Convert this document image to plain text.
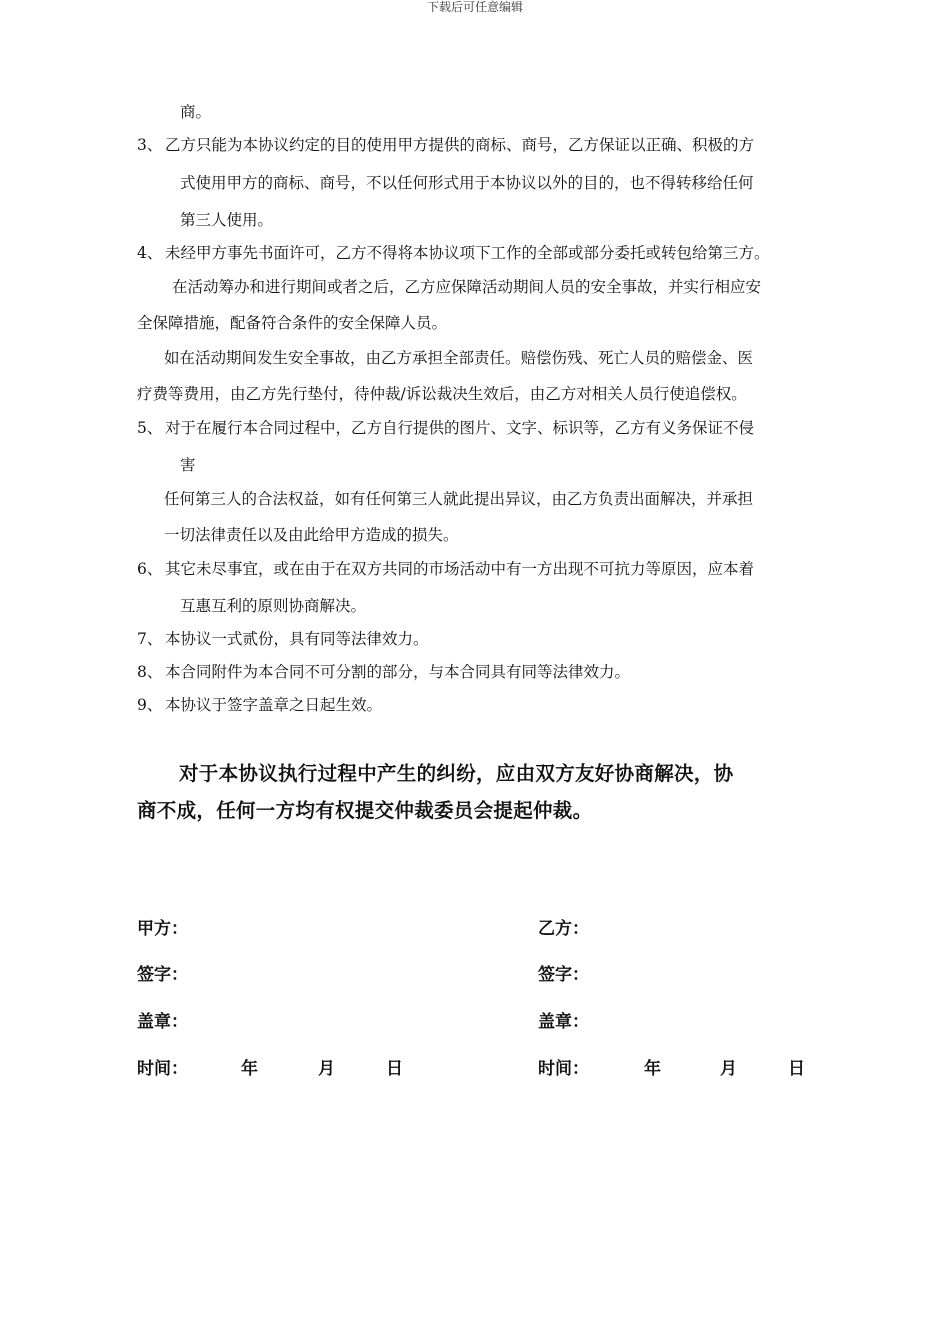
下载后可任意编辑
商。
3、 乙方只能为本协议约定的目的使用甲方提供的商标、商号，乙方保证以正确、积极的方
式使用甲方的商标、商号，不以任何形式用于本协议以外的目的，也不得转移给任何
第三人使用。
4、 未经甲方事先书面许可，乙方不得将本协议项下工作的全部或部分委托或转包给第三方。
在活动筹办和进行期间或者之后，乙方应保障活动期间人员的安全事故，并实行相应安
全保障措施，配备符合条件的安全保障人员。
如在活动期间发生安全事故，由乙方承担全部责任。赔偿伤残、死亡人员的赔偿金、医
疗费等费用，由乙方先行垫付，待仲裁/诉讼裁决生效后，由乙方对相关人员行使追偿权。
5、 对于在履行本合同过程中，乙方自行提供的图片、文字、标识等，乙方有义务保证不侵
害
任何第三人的合法权益，如有任何第三人就此提出异议，由乙方负责出面解决，并承担
一切法律责任以及由此给甲方造成的损失。
6、 其它未尽事宜，或在由于在双方共同的市场活动中有一方出现不可抗力等原因，应本着
互惠互利的原则协商解决。
7、 本协议一式贰份，具有同等法律效力。
8、 本合同附件为本合同不可分割的部分，与本合同具有同等法律效力。
9、 本协议于签字盖章之日起生效。
对于本协议执行过程中产生的纠纷，应由双方友好协商解决，协
商不成，任何一方均有权提交仲裁委员会提起仲裁。
甲方：	乙方：
签字：	签字：
盖章：	盖章：
时间：	年	月	日	时间：	年	月	日
